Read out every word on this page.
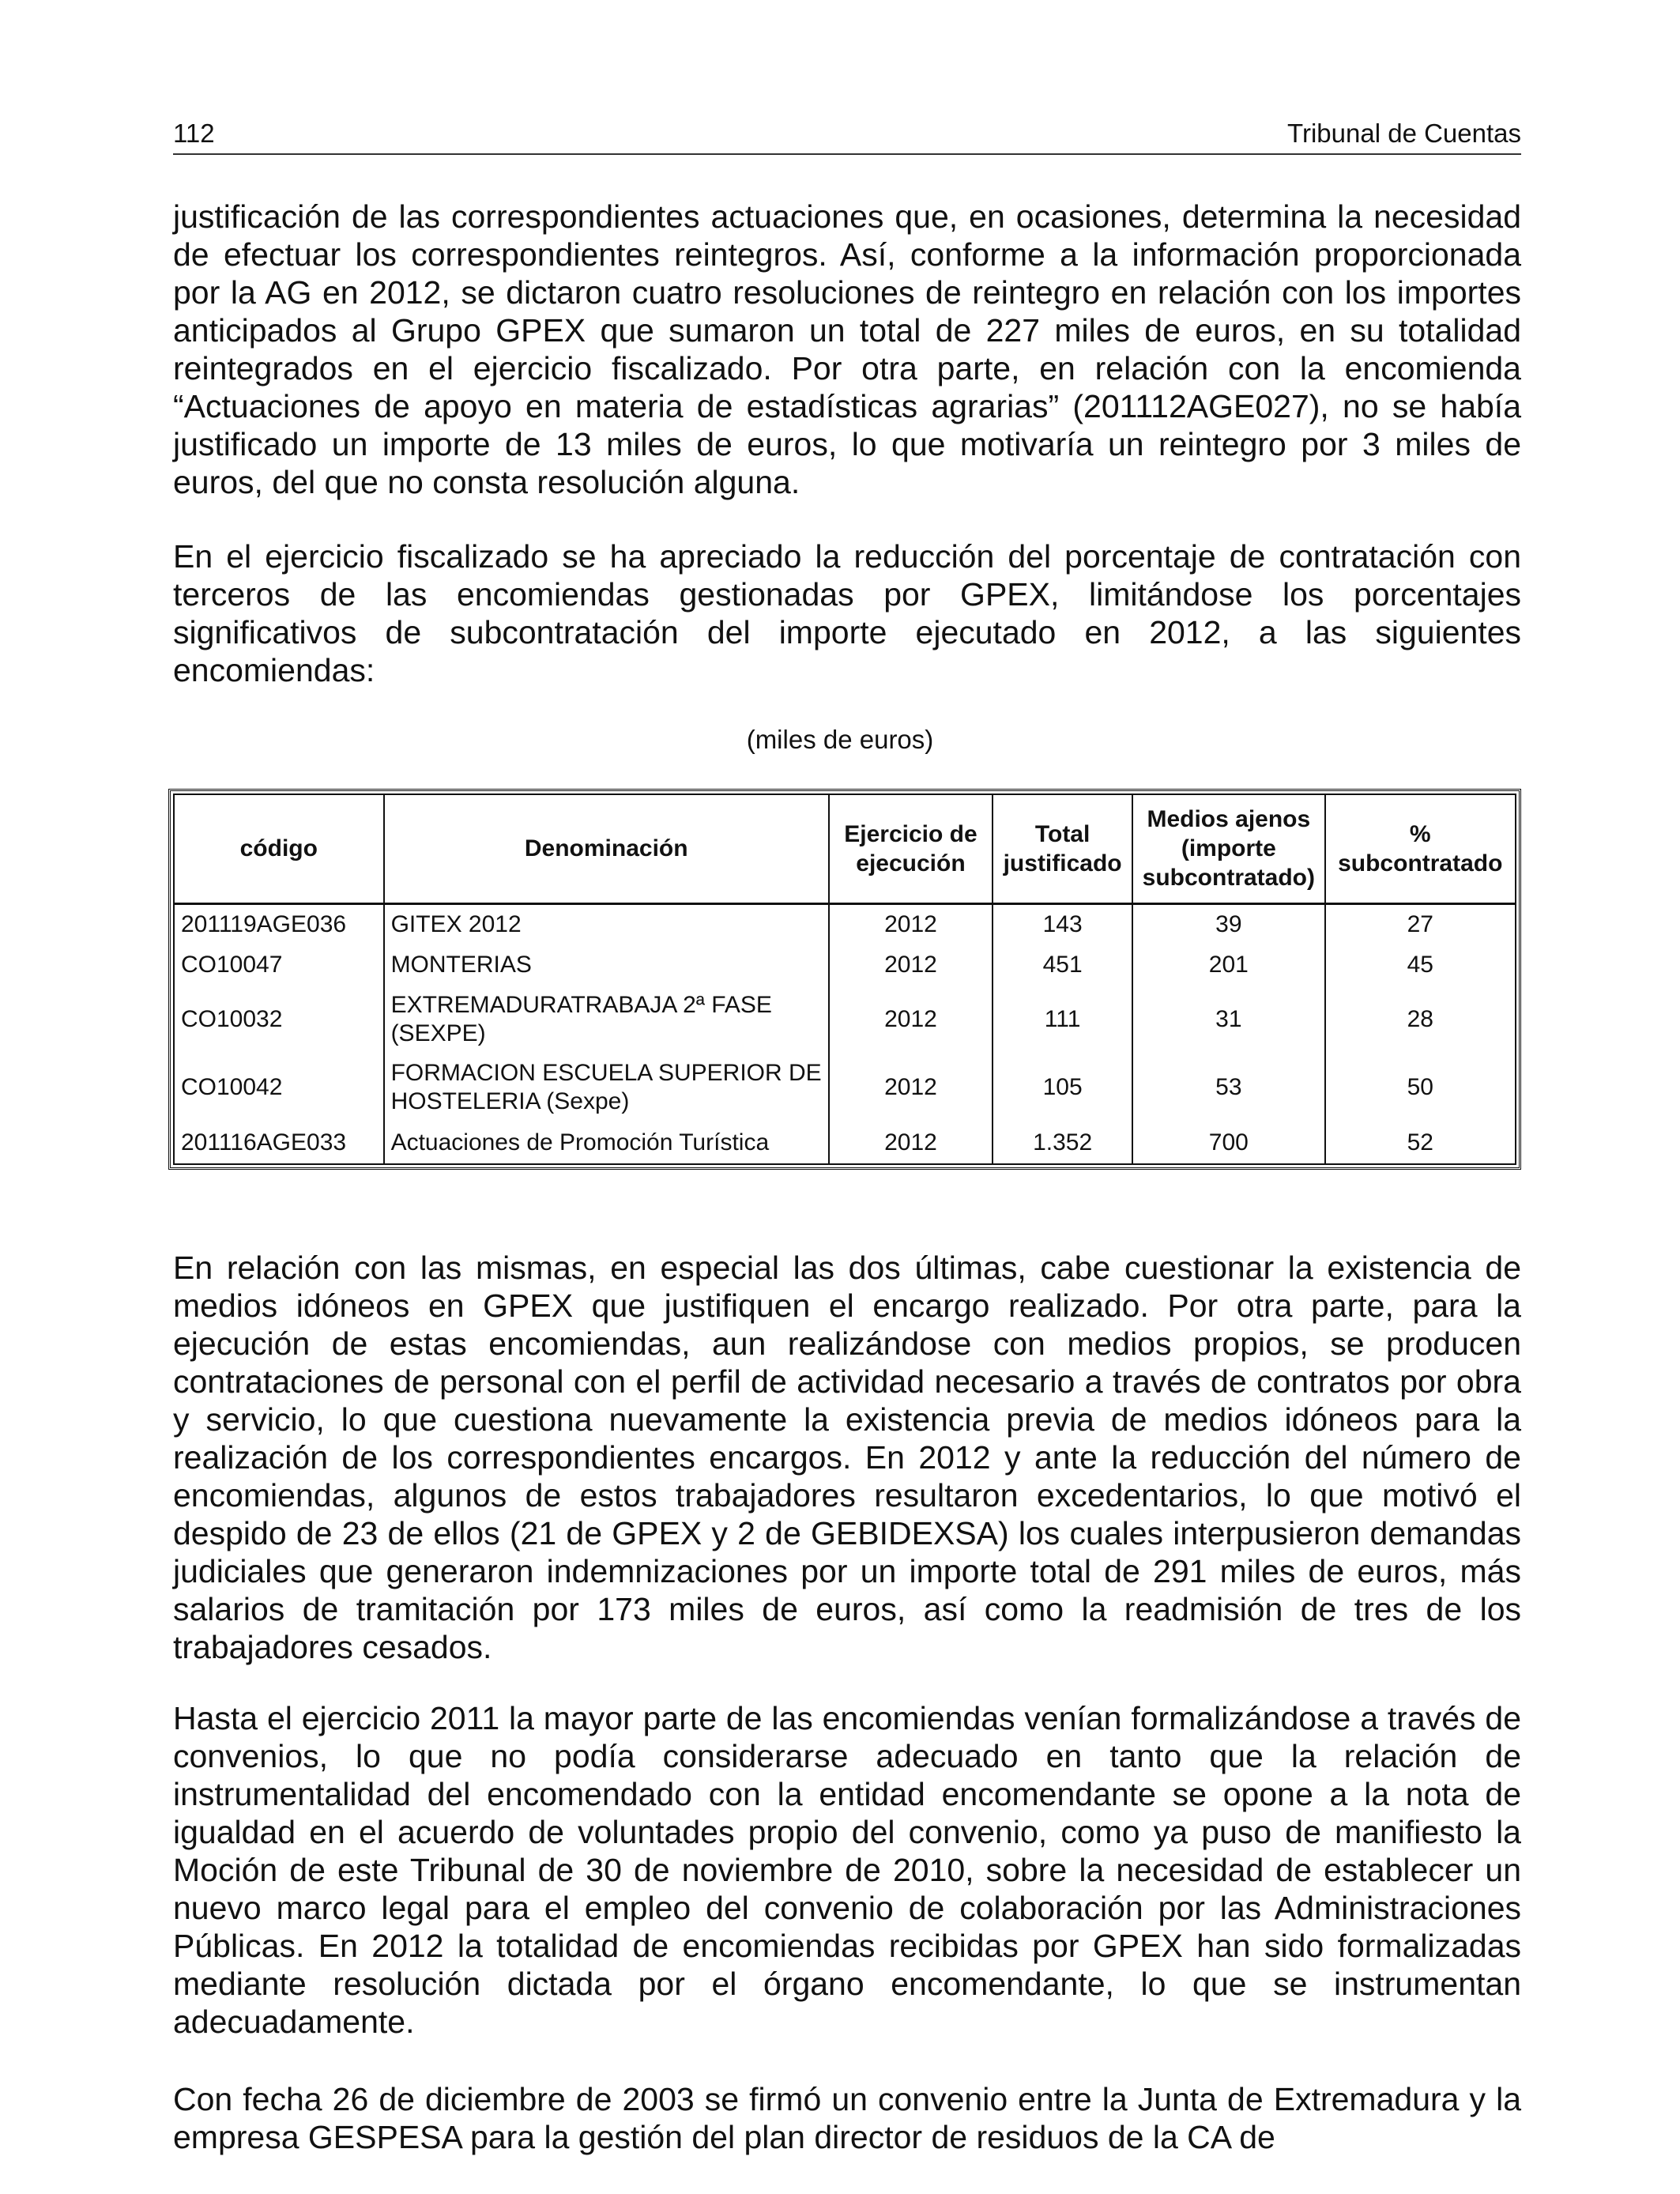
112	Tribunal de Cuentas

justificación de las correspondientes actuaciones que, en ocasiones, determina la necesidad de efectuar los correspondientes reintegros. Así, conforme a la información proporcionada por la AG en 2012, se dictaron cuatro resoluciones de reintegro en relación con los importes anticipados al Grupo GPEX que sumaron un total de 227 miles de euros, en su totalidad reintegrados en el ejercicio fiscalizado. Por otra parte, en relación con la encomienda “Actuaciones de apoyo en materia de estadísticas agrarias” (201112AGE027), no se había justificado un importe de 13 miles de euros, lo que motivaría un reintegro por 3 miles de euros, del que no consta resolución alguna.

En el ejercicio fiscalizado se ha apreciado la reducción del porcentaje de contratación con terceros de las encomiendas gestionadas por GPEX, limitándose los porcentajes significativos de subcontratación del importe ejecutado en 2012, a las siguientes encomiendas:

(miles de euros)
código	Denominación	Ejercicio de ejecución	Total justificado	Medios ajenos (importe subcontratado)	% subcontratado
201119AGE036	GITEX 2012	2012	143	39	27
CO10047	MONTERIAS	2012	451	201	45
CO10032	EXTREMADURATRABAJA 2ª FASE (SEXPE)	2012	111	31	28
CO10042	FORMACION ESCUELA SUPERIOR DE HOSTELERIA (Sexpe)	2012	105	53	50
201116AGE033	Actuaciones de Promoción Turística	2012	1.352	700	52

En relación con las mismas, en especial las dos últimas, cabe cuestionar la existencia de medios idóneos en GPEX que justifiquen el encargo realizado. Por otra parte, para la ejecución de estas encomiendas, aun realizándose con medios propios, se producen contrataciones de personal con el perfil de actividad necesario a través de contratos por obra y servicio, lo que cuestiona nuevamente la existencia previa de medios idóneos para la realización de los correspondientes encargos. En 2012 y ante la reducción del número de encomiendas, algunos de estos trabajadores resultaron excedentarios, lo que motivó el despido de 23 de ellos (21 de GPEX y 2 de GEBIDEXSA) los cuales interpusieron demandas judiciales que generaron indemnizaciones por un importe total de 291 miles de euros, más salarios de tramitación por 173 miles de euros, así como la readmisión de tres de los trabajadores cesados.

Hasta el ejercicio 2011 la mayor parte de las encomiendas venían formalizándose a través de convenios, lo que no podía considerarse adecuado en tanto que la relación de instrumentalidad del encomendado con la entidad encomendante se opone a la nota de igualdad en el acuerdo de voluntades propio del convenio, como ya puso de manifiesto la Moción de este Tribunal de 30 de noviembre de 2010, sobre la necesidad de establecer un nuevo marco legal para el empleo del convenio de colaboración por las Administraciones Públicas. En 2012 la totalidad de encomiendas recibidas por GPEX han sido formalizadas mediante resolución dictada por el órgano encomendante, lo que se instrumentan adecuadamente.

Con fecha 26 de diciembre de 2003 se firmó un convenio entre la Junta de Extremadura y la empresa GESPESA para la gestión del plan director de residuos de la CA de
